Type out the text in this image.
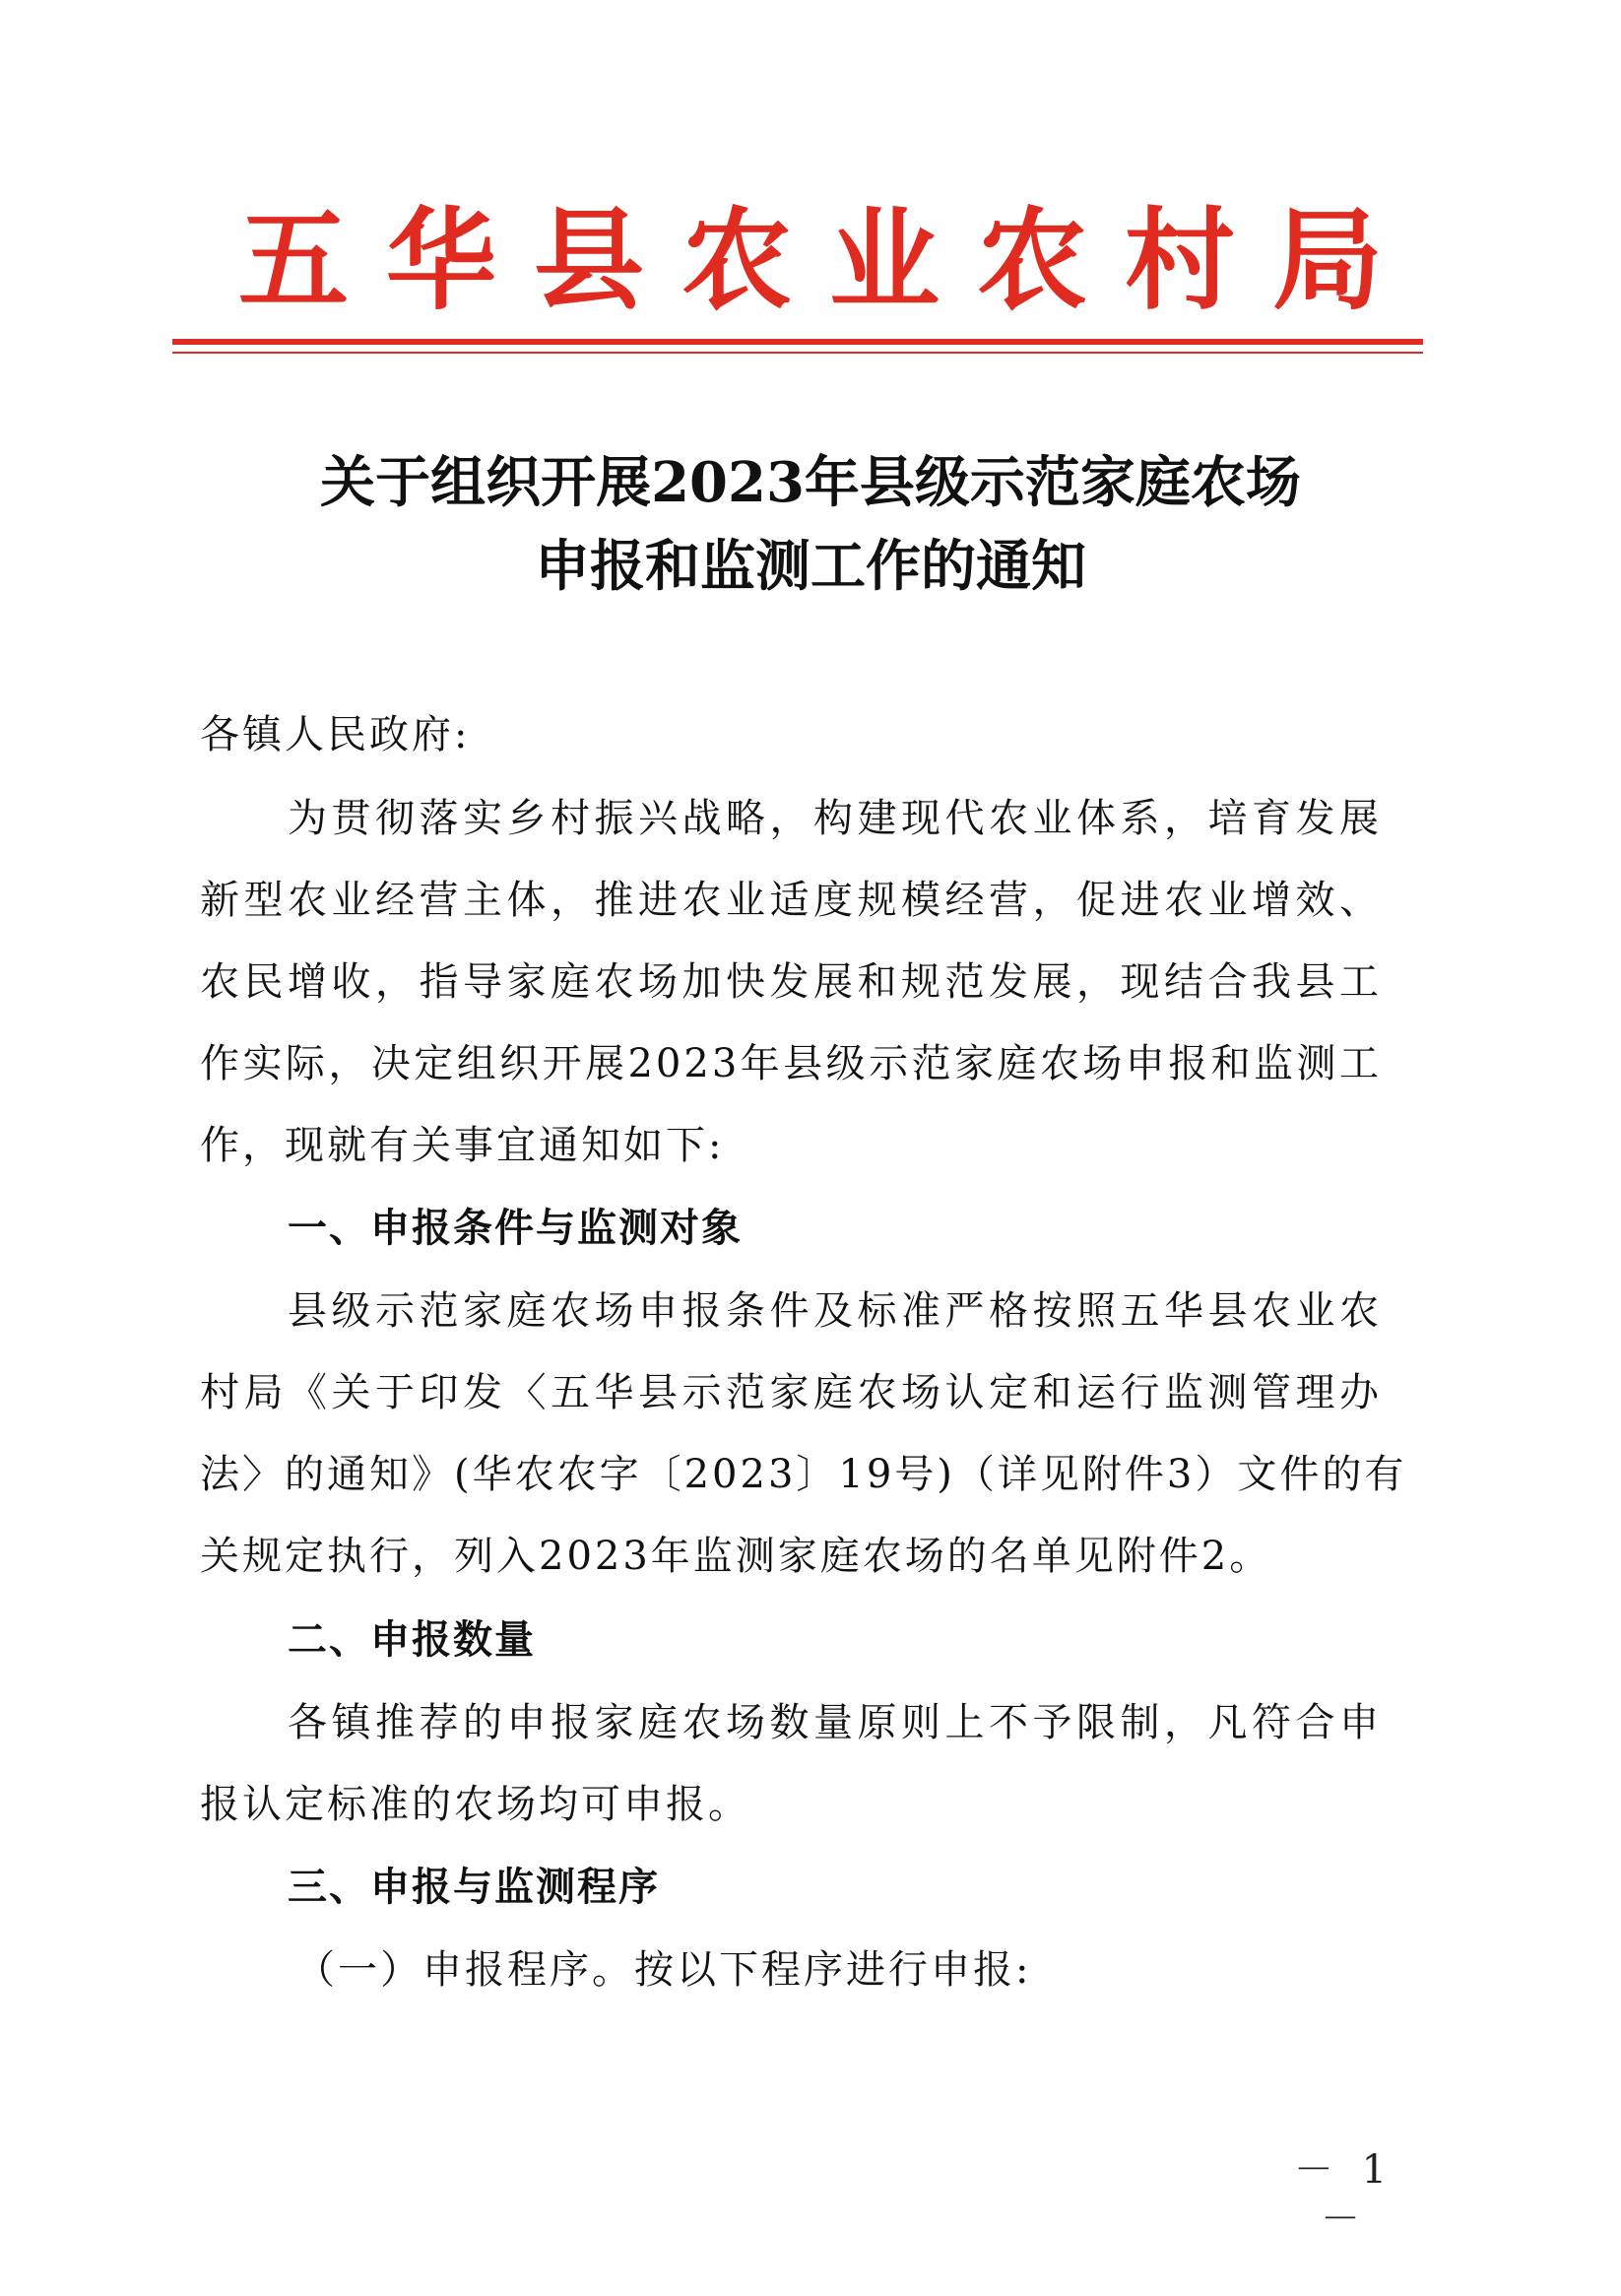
五华县农业农村局
关于组织开展2023年县级示范家庭农场
申报和监测工作的通知
各镇人民政府:
为贯彻落实乡村振兴战略，构建现代农业体系，培育发展
新型农业经营主体，推进农业适度规模经营，促进农业增效、
农民增收，指导家庭农场加快发展和规范发展，现结合我县工
作实际，决定组织开展2023年县级示范家庭农场申报和监测工
作，现就有关事宜通知如下:
一、申报条件与监测对象
县级示范家庭农场申报条件及标准严格按照五华县农业农
村局《关于印发〈五华县示范家庭农场认定和运行监测管理办
法〉的通知》(华农农字〔2023〕19号)（详见附件3）文件的有
关规定执行，列入2023年监测家庭农场的名单见附件2。
二、申报数量
各镇推荐的申报家庭农场数量原则上不予限制，凡符合申
报认定标准的农场均可申报。
三、申报与监测程序
（一）申报程序。按以下程序进行申报:
－ 1 －
